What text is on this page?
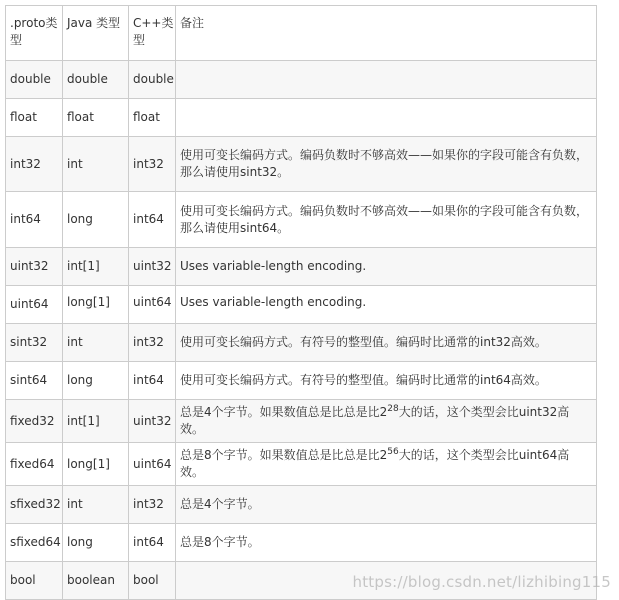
.proto类型	Java 类型	C++类型	备注
double	double	double	
float	float	float	
int32	int	int32	使用可变长编码方式。编码负数时不够高效——如果你的字段可能含有负数，那么请使用sint32。
int64	long	int64	使用可变长编码方式。编码负数时不够高效——如果你的字段可能含有负数，那么请使用sint64。
uint32	int[1]	uint32	Uses variable-length encoding.
uint64	long[1]	uint64	Uses variable-length encoding.
sint32	int	int32	使用可变长编码方式。有符号的整型值。编码时比通常的int32高效。
sint64	long	int64	使用可变长编码方式。有符号的整型值。编码时比通常的int64高效。
fixed32	int[1]	uint32	总是4个字节。如果数值总是比总是比$2^{28}$大的话，这个类型会比uint32高效。
fixed64	long[1]	uint64	总是8个字节。如果数值总是比总是比$2^{56}$大的话，这个类型会比uint64高效。
sfixed32	int	int32	总是4个字节。
sfixed64	long	int64	总是8个字节。
bool	boolean	bool		https://blog.csdn.net/lizhibing115
